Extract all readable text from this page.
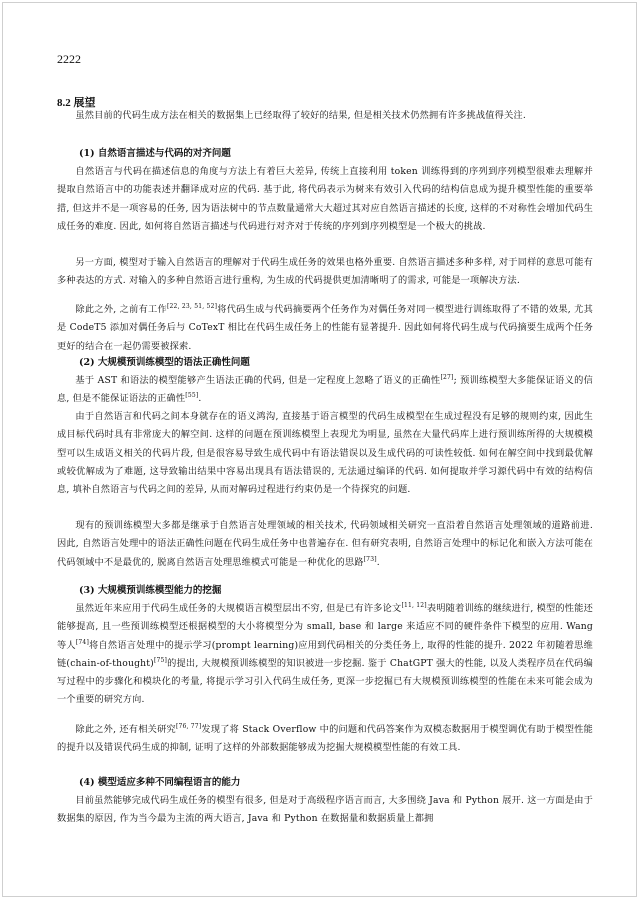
2222
8.2 展望
虽然目前的代码生成方法在相关的数据集上已经取得了较好的结果, 但是相关技术仍然拥有许多挑战值得关注.
(1) 自然语言描述与代码的对齐问题
自然语言与代码在描述信息的角度与方法上有着巨大差异, 传统上直接利用 token 训练得到的序列到序列模型很难去理解并提取自然语言中的功能表述并翻译成对应的代码. 基于此, 将代码表示为树来有效引入代码的结构信息成为提升模型性能的重要举措, 但这并不是一项容易的任务, 因为语法树中的节点数量通常大大超过其对应自然语言描述的长度, 这样的不对称性会增加代码生成任务的难度. 因此, 如何将自然语言描述与代码进行对齐对于传统的序列到序列模型是一个极大的挑战.
另一方面, 模型对于输入自然语言的理解对于代码生成任务的效果也格外重要. 自然语言描述多种多样, 对于同样的意思可能有多种表达的方式. 对输入的多种自然语言进行重构, 为生成的代码提供更加清晰明了的需求, 可能是一项解决方法.
除此之外, 之前有工作[22, 23, 51, 52]将代码生成与代码摘要两个任务作为对偶任务对同一模型进行训练取得了不错的效果, 尤其是 CodeT5 添加对偶任务后与 CoTexT 相比在代码生成任务上的性能有显著提升. 因此如何将代码生成与代码摘要生成两个任务更好的结合在一起仍需要被探索.
(2) 大规模预训练模型的语法正确性问题
基于 AST 和语法的模型能够产生语法正确的代码, 但是一定程度上忽略了语义的正确性[27]; 预训练模型大多能保证语义的信息, 但是不能保证语法的正确性[55].
由于自然语言和代码之间本身就存在的语义鸿沟, 直接基于语言模型的代码生成模型在生成过程没有足够的规则约束, 因此生成目标代码时具有非常庞大的解空间. 这样的问题在预训练模型上表现尤为明显, 虽然在大量代码库上进行预训练所得的大规模模型可以生成语义相关的代码片段, 但是很容易导致生成代码中有语法错误以及生成代码的可读性较低. 如何在解空间中找到最优解或较优解成为了难题, 这导致输出结果中容易出现具有语法错误的, 无法通过编译的代码. 如何提取并学习源代码中有效的结构信息, 填补自然语言与代码之间的差异, 从而对解码过程进行约束仍是一个待探究的问题.
现有的预训练模型大多都是继承于自然语言处理领域的相关技术, 代码领域相关研究一直沿着自然语言处理领域的道路前进. 因此, 自然语言处理中的语法正确性问题在代码生成任务中也普遍存在. 但有研究表明, 自然语言处理中的标记化和嵌入方法可能在代码领域中不是最优的, 脱离自然语言处理思维模式可能是一种优化的思路[73].
(3) 大规模预训练模型能力的挖掘
虽然近年来应用于代码生成任务的大规模语言模型层出不穷, 但是已有许多论文[11, 12]表明随着训练的继续进行, 模型的性能还能够提高, 且一些预训练模型还根据模型的大小将模型分为 small, base 和 large 来适应不同的硬件条件下模型的应用. Wang 等人[74]将自然语言处理中的提示学习(prompt learning)应用到代码相关的分类任务上, 取得的性能的提升. 2022 年初随着思维链(chain-of-thought)[75]的提出, 大规模预训练模型的知识被进一步挖掘. 鉴于 ChatGPT 强大的性能, 以及人类程序员在代码编写过程中的步骤化和模块化的考量, 将提示学习引入代码生成任务, 更深一步挖掘已有大规模预训练模型的性能在未来可能会成为一个重要的研究方向.
除此之外, 还有相关研究[76, 77]发现了将 Stack Overflow 中的问题和代码答案作为双模态数据用于模型调优有助于模型性能的提升以及错误代码生成的抑制, 证明了这样的外部数据能够成为挖掘大规模模型性能的有效工具.
(4) 模型适应多种不同编程语言的能力
目前虽然能够完成代码生成任务的模型有很多, 但是对于高级程序语言而言, 大多围绕 Java 和 Python 展开. 这一方面是由于数据集的原因, 作为当今最为主流的两大语言, Java 和 Python 在数据量和数据质量上都拥
